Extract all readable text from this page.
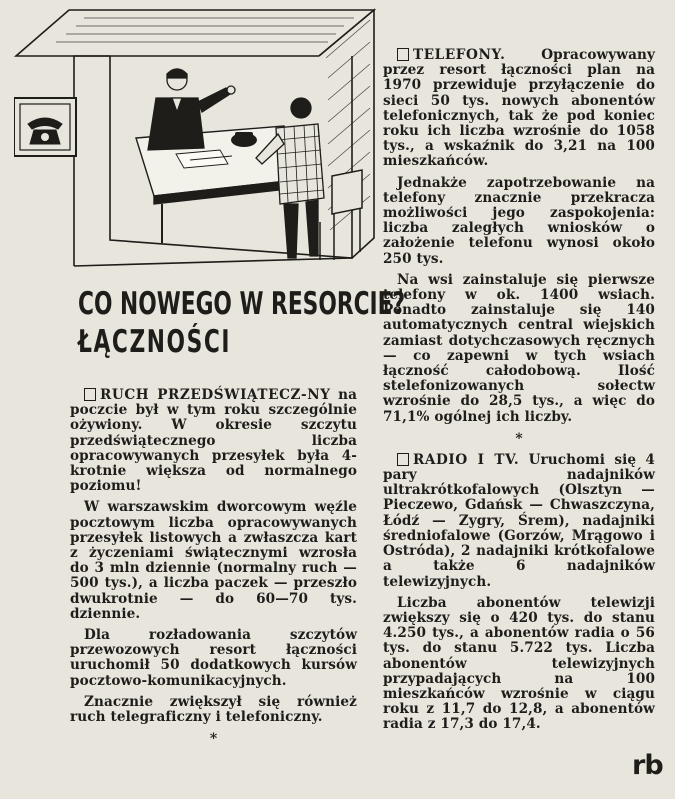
CO NOWEGO W RESORCIE?
ŁĄCZNOŚCI

RUCH PRZEDŚWIĄTECZ-NY na poczcie był w tym roku szczególnie ożywiony. W okresie szczytu przedświątecznego liczba opracowywanych przesyłek była 4-krotnie większa od normalnego poziomu!

W warszawskim dworcowym węźle pocztowym liczba opracowywanych przesyłek listowych a zwłaszcza kart z życzeniami świątecznymi wzrosła do 3 mln dziennie (normalny ruch — 500 tys.), a liczba paczek — przeszło dwukrotnie — do 60—70 tys. dziennie.

Dla rozładowania szczytów przewozowych resort łączności uruchomił 50 dodatkowych kursów pocztowo-komunikacyjnych.

Znacznie zwiększył się również ruch telegraficzny i telefoniczny.

*

TELEFONY. Opracowywany przez resort łączności plan na 1970 przewiduje przyłączenie do sieci 50 tys. nowych abonentów telefonicznych, tak że pod koniec roku ich liczba wzrośnie do 1058 tys., a wskaźnik do 3,21 na 100 mieszkańców.

Jednakże zapotrzebowanie na telefony znacznie przekracza możliwości jego zaspokojenia: liczba zaległych wniosków o założenie telefonu wynosi około 250 tys.

Na wsi zainstaluje się pierwsze telefony w ok. 1400 wsiach. Ponadto zainstaluje się 140 automatycznych central wiejskich zamiast dotychczasowych ręcznych — co zapewni w tych wsiach łączność całodobową. Ilość stelefonizowanych sołectw wzrośnie do 28,5 tys., a więc do 71,1% ogólnej ich liczby.

*

RADIO I TV. Uruchomi się 4 pary nadajników ultrakrótkofalowych (Olsztyn — Pieczewo, Gdańsk — Chwaszczyna, Łódź — Zygry, Śrem), nadajniki średniofalowe (Gorzów, Mrągowo i Ostróda), 2 nadajniki krótkofalowe a także 6 nadajników telewizyjnych.

Liczba abonentów telewizji zwiększy się o 420 tys. do stanu 4.250 tys., a abonentów radia o 56 tys. do stanu 5.722 tys. Liczba abonentów telewizyjnych przypadających na 100 mieszkańców wzrośnie w ciągu roku z 11,7 do 12,8, a abonentów radia z 17,3 do 17,4.

rb
